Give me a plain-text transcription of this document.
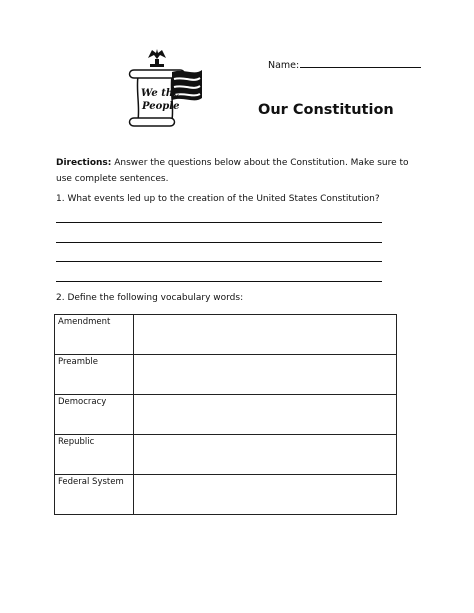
We the
People
Name:
Our Constitution
Directions: Answer the questions below about the Constitution. Make sure to use complete sentences.
1. What events led up to the creation of the United States Constitution?
2. Define the following vocabulary words:
Amendment	
Preamble	
Democracy	
Republic	
Federal System	
